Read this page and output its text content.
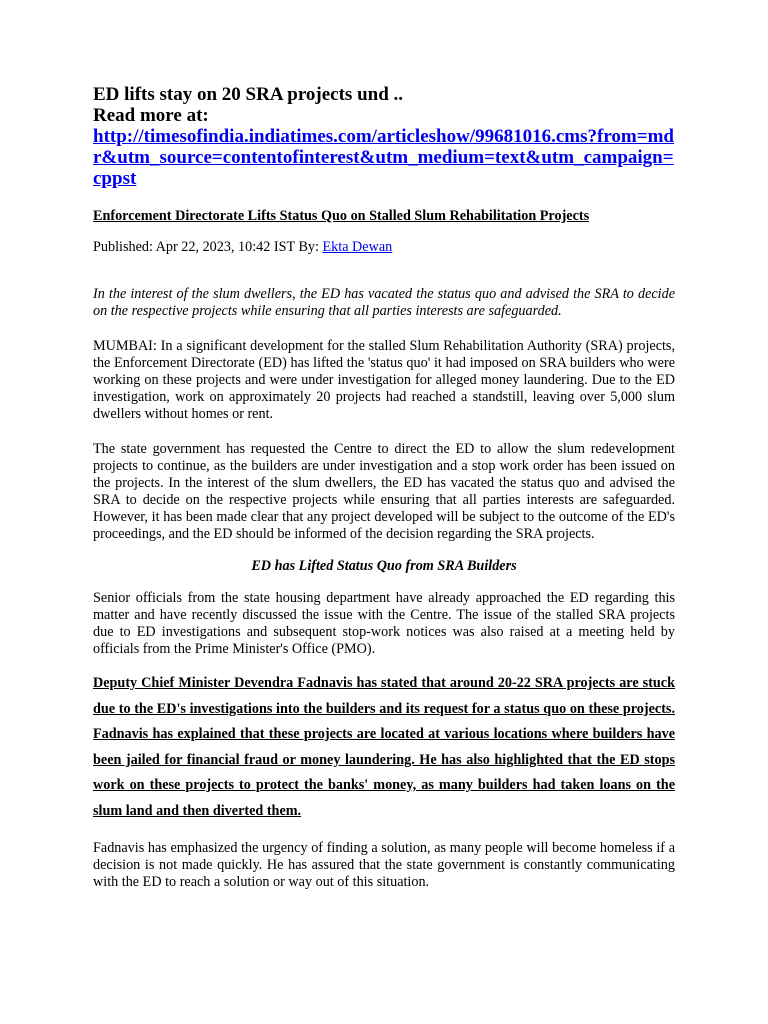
ED lifts stay on 20 SRA projects und ..
Read more at:
http://timesofindia.indiatimes.com/articleshow/99681016.cms?from=mdr&utm_source=contentofinterest&utm_medium=text&utm_campaign=cppst

Enforcement Directorate Lifts Status Quo on Stalled Slum Rehabilitation Projects

Published: Apr 22, 2023, 10:42 IST By: Ekta Dewan

In the interest of the slum dwellers, the ED has vacated the status quo and advised the SRA to decide on the respective projects while ensuring that all parties interests are safeguarded.

MUMBAI: In a significant development for the stalled Slum Rehabilitation Authority (SRA) projects, the Enforcement Directorate (ED) has lifted the 'status quo' it had imposed on SRA builders who were working on these projects and were under investigation for alleged money laundering. Due to the ED investigation, work on approximately 20 projects had reached a standstill, leaving over 5,000 slum dwellers without homes or rent.

The state government has requested the Centre to direct the ED to allow the slum redevelopment projects to continue, as the builders are under investigation and a stop work order has been issued on the projects. In the interest of the slum dwellers, the ED has vacated the status quo and advised the SRA to decide on the respective projects while ensuring that all parties interests are safeguarded. However, it has been made clear that any project developed will be subject to the outcome of the ED's proceedings, and the ED should be informed of the decision regarding the SRA projects.

ED has Lifted Status Quo from SRA Builders

Senior officials from the state housing department have already approached the ED regarding this matter and have recently discussed the issue with the Centre. The issue of the stalled SRA projects due to ED investigations and subsequent stop-work notices was also raised at a meeting held by officials from the Prime Minister's Office (PMO).

Deputy Chief Minister Devendra Fadnavis has stated that around 20-22 SRA projects are stuck due to the ED's investigations into the builders and its request for a status quo on these projects. Fadnavis has explained that these projects are located at various locations where builders have been jailed for financial fraud or money laundering. He has also highlighted that the ED stops work on these projects to protect the banks' money, as many builders had taken loans on the slum land and then diverted them.

Fadnavis has emphasized the urgency of finding a solution, as many people will become homeless if a decision is not made quickly. He has assured that the state government is constantly communicating with the ED to reach a solution or way out of this situation.
